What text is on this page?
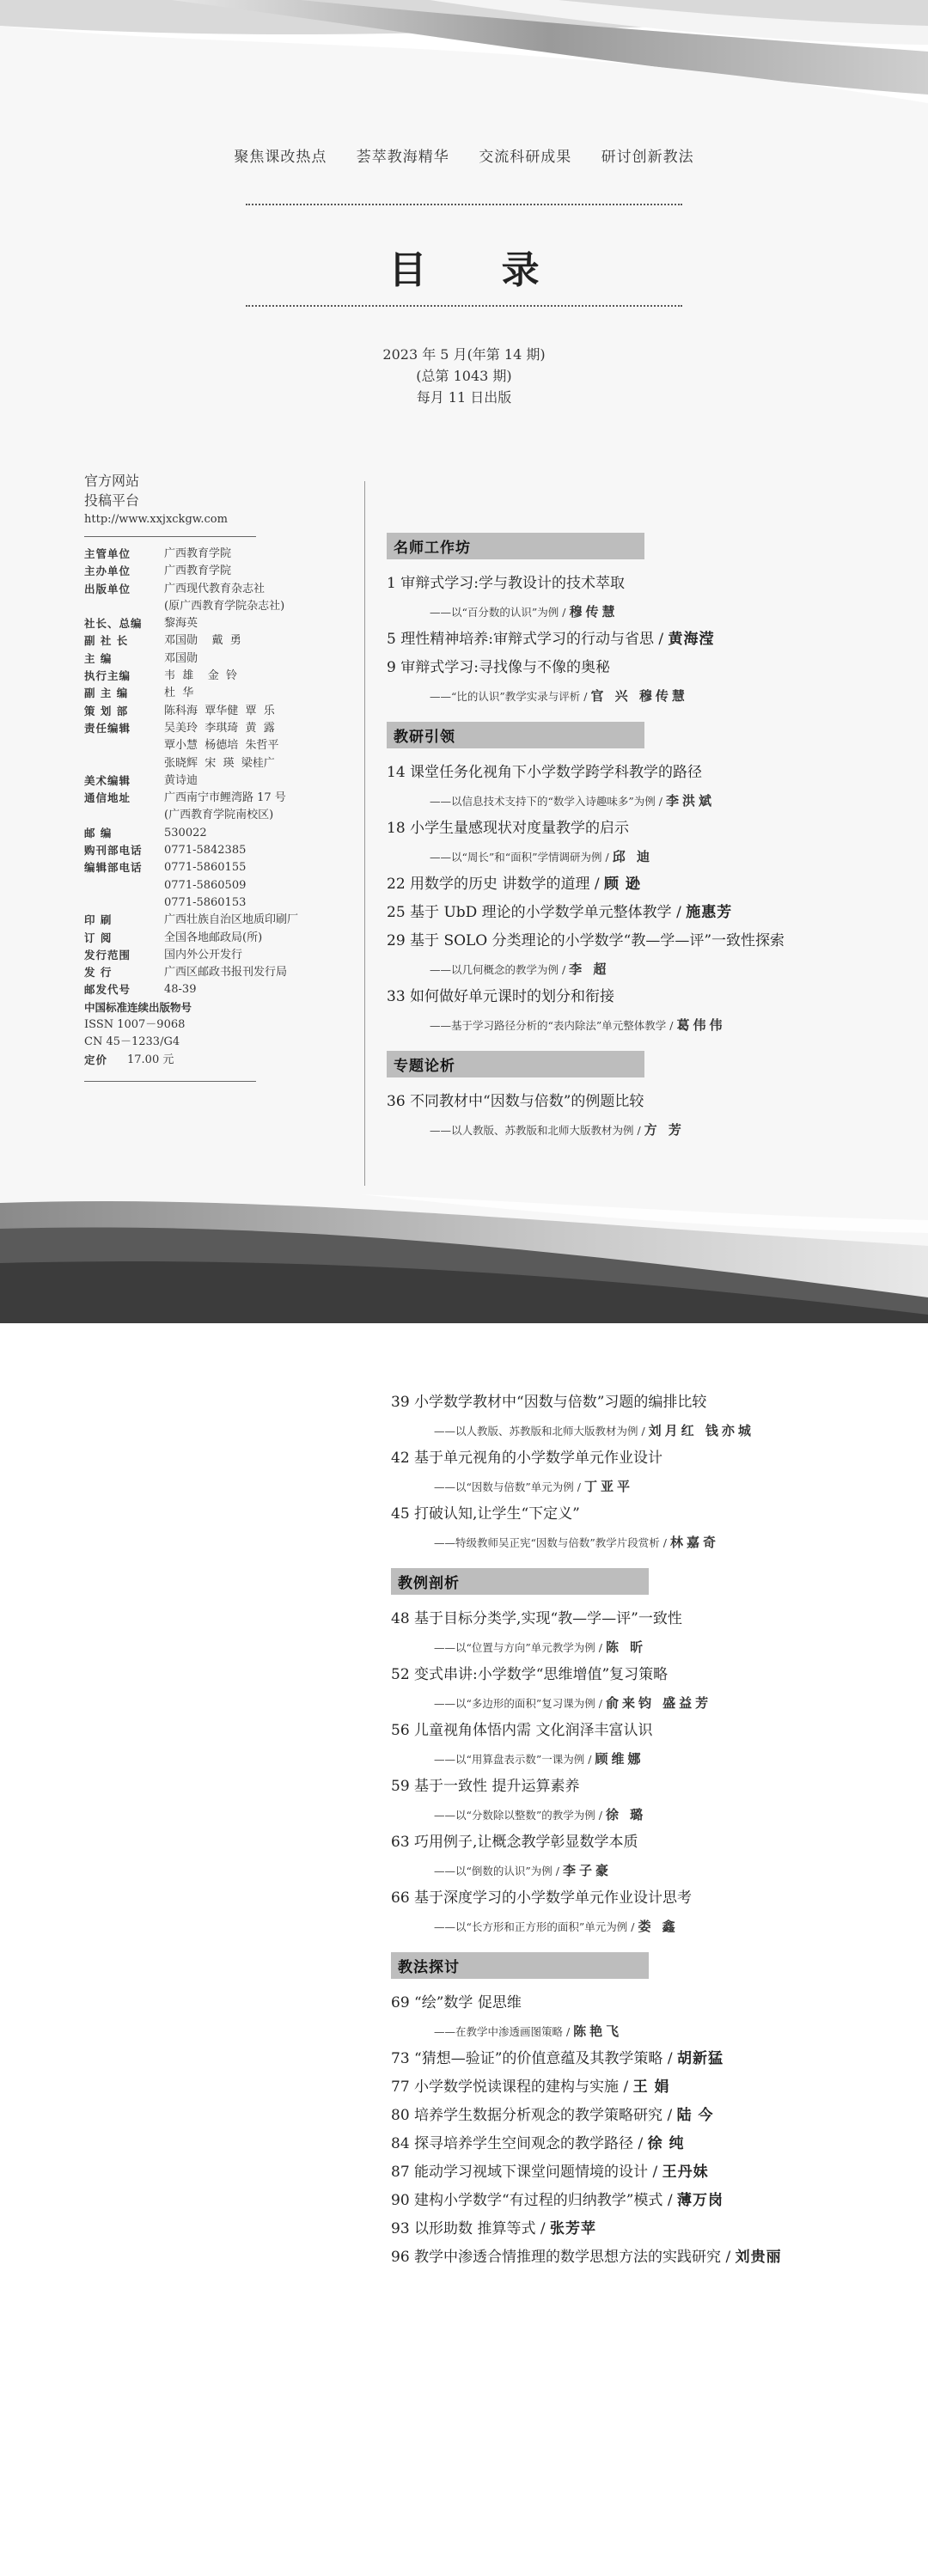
聚焦课改热点 荟萃教海精华 交流科研成果 研讨创新教法
目 录
2023 年 5 月(年第 14 期)
(总第 1043 期)
每月 11 日出版
官方网站
投稿平台
http://www.xxjxckgw.com
主管单位	广西教育学院
主办单位	广西教育学院
出版单位	广西现代教育杂志社
(原广西教育学院杂志社)
社长、总编	黎海英
副 社 长	邓国勋    戴  勇
主 编	邓国勋
执行主编	韦  雄    金  铃
副 主 编	杜  华
策 划 部	陈科海  覃华健  覃  乐
责任编辑	吴美玲  李琪琦  黄  露
覃小慧  杨德培  朱哲平
张晓辉  宋  瑛  梁桂广
美术编辑	黄诗迪
通信地址	广西南宁市鲤湾路 17 号
(广西教育学院南校区)
邮 编	530022
购刊部电话	0771-5842385
编辑部电话	0771-5860155
0771-5860509
0771-5860153
印 刷	广西壮族自治区地质印刷厂
订 阅	全国各地邮政局(所)
发行范围	国内外公开发行
发 行	广西区邮政书报刊发行局
邮发代号	48-39
中国标准连续出版物号
ISSN 1007－9068
CN 45－1233/G4
定价	17.00 元
名师工作坊
1 审辩式学习:学与教设计的技术萃取
——以“百分数的认识”为例 / 穆传慧
5 理性精神培养:审辩式学习的行动与省思 / 黄海滢
9 审辩式学习:寻找像与不像的奥秘
——“比的认识”教学实录与评析 / 官 兴 穆传慧
教研引领
14 课堂任务化视角下小学数学跨学科教学的路径
——以信息技术支持下的“数学入诗趣味多”为例 / 李洪斌
18 小学生量感现状对度量教学的启示
——以“周长”和“面积”学情调研为例 / 邱 迪
22 用数学的历史 讲数学的道理 / 顾 逊
25 基于 UbD 理论的小学数学单元整体教学 / 施惠芳
29 基于 SOLO 分类理论的小学数学“教—学—评”一致性探索
——以几何概念的教学为例 / 李 超
33 如何做好单元课时的划分和衔接
——基于学习路径分析的“表内除法”单元整体教学 / 葛伟伟
专题论析
36 不同教材中“因数与倍数”的例题比较
——以人教版、苏教版和北师大版教材为例 / 方 芳
39 小学数学教材中“因数与倍数”习题的编排比较
——以人教版、苏教版和北师大版教材为例 / 刘月红 钱亦城
42 基于单元视角的小学数学单元作业设计
——以“因数与倍数”单元为例 / 丁亚平
45 打破认知,让学生“下定义”
——特级教师吴正宪“因数与倍数”教学片段赏析 / 林嘉奇
教例剖析
48 基于目标分类学,实现“教—学—评”一致性
——以“位置与方向”单元教学为例 / 陈 昕
52 变式串讲:小学数学“思维增值”复习策略
——以“多边形的面积”复习课为例 / 俞来钧 盛益芳
56 儿童视角体悟内需 文化润泽丰富认识
——以“用算盘表示数”一课为例 / 顾维娜
59 基于一致性 提升运算素养
——以“分数除以整数”的教学为例 / 徐 璐
63 巧用例子,让概念教学彰显数学本质
——以“倒数的认识”为例 / 李子豪
66 基于深度学习的小学数学单元作业设计思考
——以“长方形和正方形的面积”单元为例 / 娄 鑫
教法探讨
69 “绘”数学 促思维
——在教学中渗透画图策略 / 陈艳飞
73 “猜想—验证”的价值意蕴及其教学策略 / 胡新猛
77 小学数学悦读课程的建构与实施 / 王 娟
80 培养学生数据分析观念的教学策略研究 / 陆 今
84 探寻培养学生空间观念的教学路径 / 徐 纯
87 能动学习视域下课堂问题情境的设计 / 王丹妹
90 建构小学数学“有过程的归纳教学”模式 / 薄万岗
93 以形助数 推算等式 / 张芳苹
96 教学中渗透合情推理的数学思想方法的实践研究 / 刘贵丽
